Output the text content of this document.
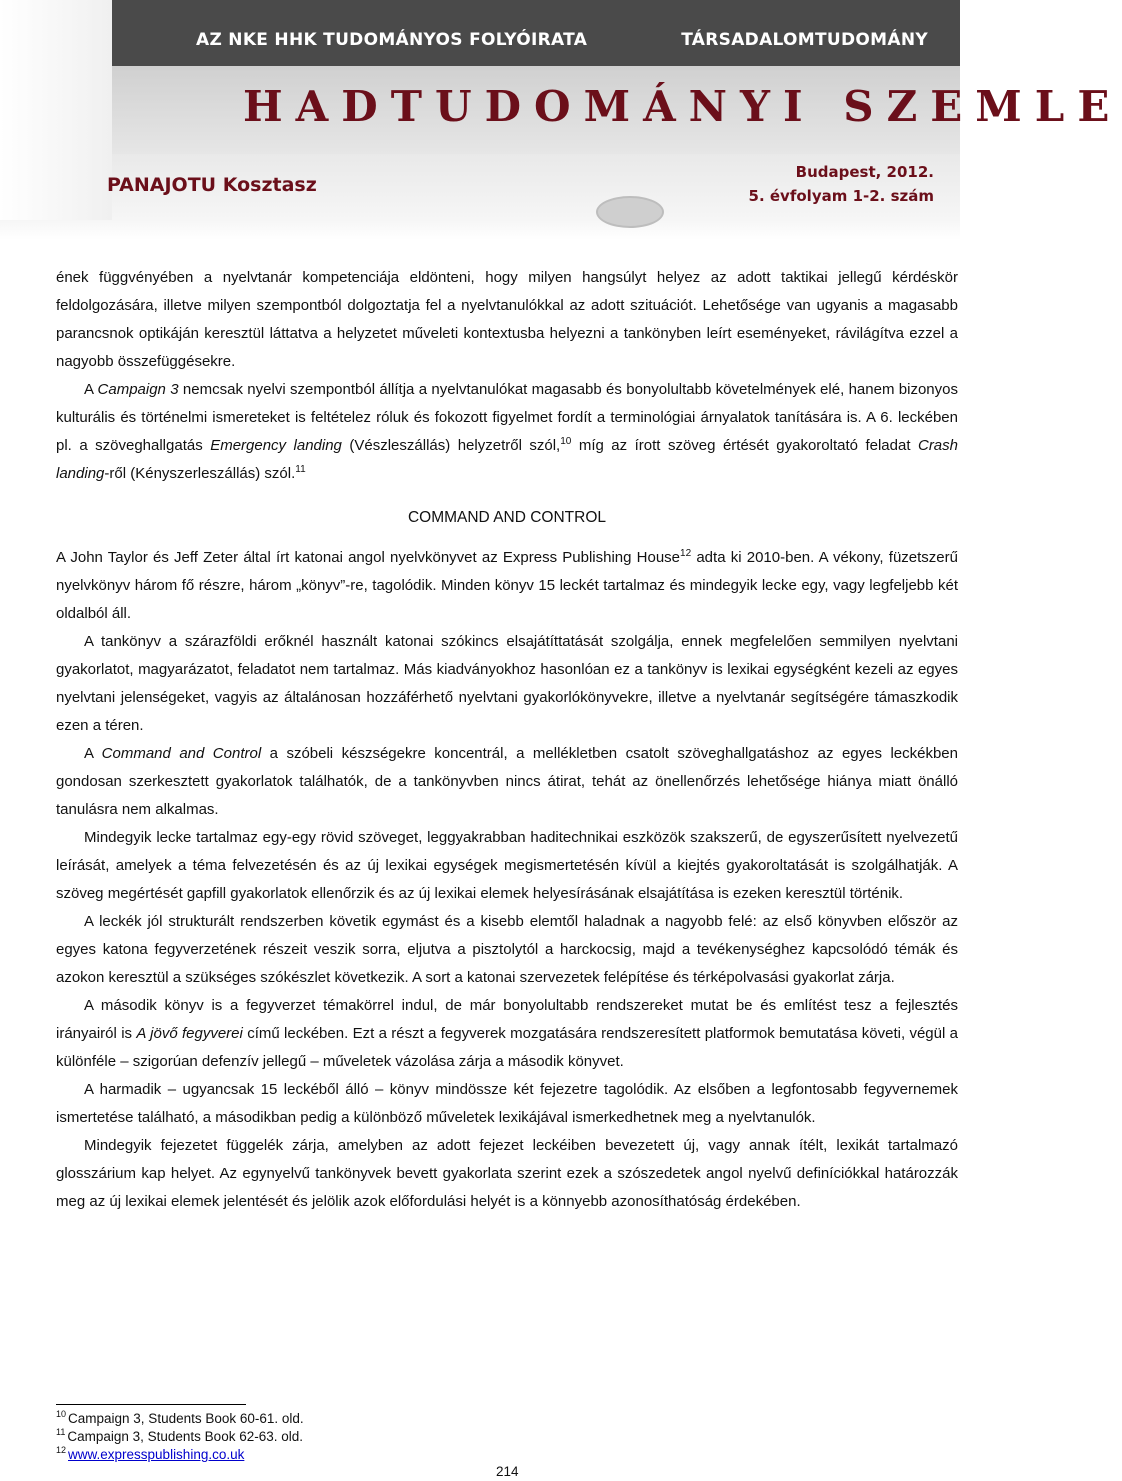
AZ NKE HHK TUDOMÁNYOS FOLYÓIRATA	TÁRSADALOMTUDOMÁNY
HADTUDOMÁNYI SZEMLE
PANAJOTU Kosztasz
Budapest, 2012.
5. évfolyam 1-2. szám

ének függvényében a nyelvtanár kompetenciája eldönteni, hogy milyen hangsúlyt helyez az adott taktikai jellegű kérdéskör feldolgozására, illetve milyen szempontból dolgoztatja fel a nyelvtanulókkal az adott szituációt. Lehetősége van ugyanis a magasabb parancsnok optikáján keresztül láttatva a helyzetet műveleti kontextusba helyezni a tankönyben leírt eseményeket, rávilágítva ezzel a nagyobb összefüggésekre.

A Campaign 3 nemcsak nyelvi szempontból állítja a nyelvtanulókat magasabb és bonyolultabb követelmények elé, hanem bizonyos kulturális és történelmi ismereteket is feltételez róluk és fokozott figyelmet fordít a terminológiai árnyalatok tanítására is. A 6. leckében pl. a szöveghallgatás Emergency landing (Vészleszállás) helyzetről szól,$^{10}$ míg az írott szöveg értését gyakoroltató feladat Crash landing-ről (Kényszerleszállás) szól.$^{11}$

COMMAND AND CONTROL

A John Taylor és Jeff Zeter által írt katonai angol nyelvkönyvet az Express Publishing House$^{12}$ adta ki 2010-ben. A vékony, füzetszerű nyelvkönyv három fő részre, három „könyv”-re, tagolódik. Minden könyv 15 leckét tartalmaz és mindegyik lecke egy, vagy legfeljebb két oldalból áll.

A tankönyv a szárazföldi erőknél használt katonai szókincs elsajátíttatását szolgálja, ennek megfelelően semmilyen nyelvtani gyakorlatot, magyarázatot, feladatot nem tartalmaz. Más kiadványokhoz hasonlóan ez a tankönyv is lexikai egységként kezeli az egyes nyelvtani jelenségeket, vagyis az általánosan hozzáférhető nyelvtani gyakorlókönyvekre, illetve a nyelvtanár segítségére támaszkodik ezen a téren.

A Command and Control a szóbeli készségekre koncentrál, a mellékletben csatolt szöveghallgatáshoz az egyes leckékben gondosan szerkesztett gyakorlatok találhatók, de a tankönyvben nincs átirat, tehát az önellenőrzés lehetősége hiánya miatt önálló tanulásra nem alkalmas.

Mindegyik lecke tartalmaz egy-egy rövid szöveget, leggyakrabban haditechnikai eszközök szakszerű, de egyszerűsített nyelvezetű leírását, amelyek a téma felvezetésén és az új lexikai egységek megismertetésén kívül a kiejtés gyakoroltatását is szolgálhatják. A szöveg megértését gapfill gyakorlatok ellenőrzik és az új lexikai elemek helyesírásának elsajátítása is ezeken keresztül történik.

A leckék jól strukturált rendszerben követik egymást és a kisebb elemtől haladnak a nagyobb felé: az első könyvben először az egyes katona fegyverzetének részeit veszik sorra, eljutva a pisztolytól a harckocsig, majd a tevékenységhez kapcsolódó témák és azokon keresztül a szükséges szókészlet következik. A sort a katonai szervezetek felépítése és térképolvasási gyakorlat zárja.

A második könyv is a fegyverzet témakörrel indul, de már bonyolultabb rendszereket mutat be és említést tesz a fejlesztés irányairól is A jövő fegyverei című leckében. Ezt a részt a fegyverek mozgatására rendszeresített platformok bemutatása követi, végül a különféle – szigorúan defenzív jellegű – műveletek vázolása zárja a második könyvet.

A harmadik – ugyancsak 15 leckéből álló – könyv mindössze két fejezetre tagolódik. Az elsőben a legfontosabb fegyvernemek ismertetése található, a másodikban pedig a különböző műveletek lexikájával ismerkedhetnek meg a nyelvtanulók.

Mindegyik fejezetet függelék zárja, amelyben az adott fejezet leckéiben bevezetett új, vagy annak ítélt, lexikát tartalmazó glosszárium kap helyet. Az egynyelvű tankönyvek bevett gyakorlata szerint ezek a szószedetek angol nyelvű definíciókkal határozzák meg az új lexikai elemek jelentését és jelölik azok előfordulási helyét is a könnyebb azonosíthatóság érdekében.

$^{10}$ Campaign 3, Students Book 60-61. old.
$^{11}$ Campaign 3, Students Book 62-63. old.
$^{12}$ www.expresspublishing.co.uk
214
